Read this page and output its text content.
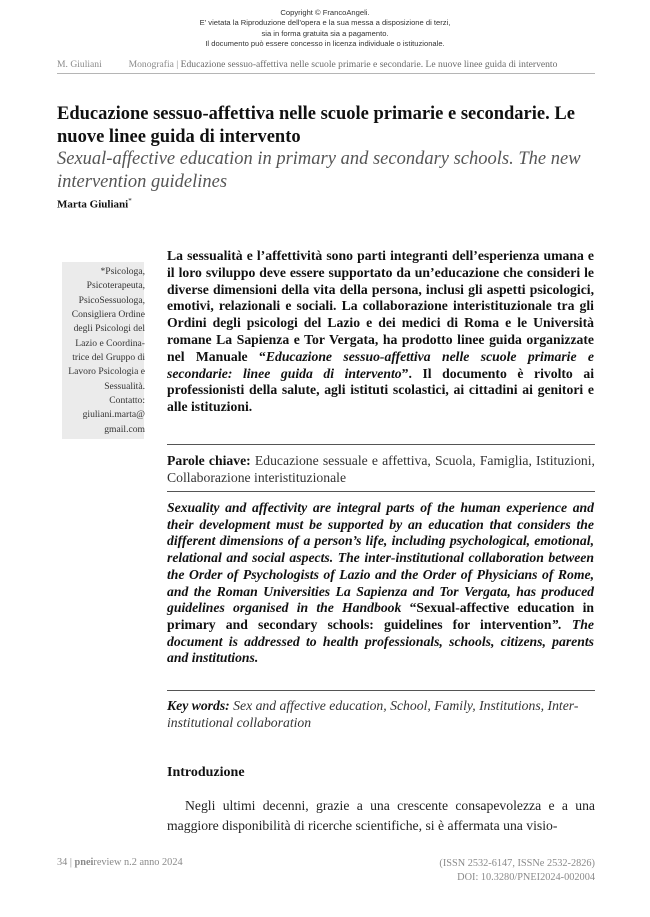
Copyright © FrancoAngeli.
E' vietata la Riproduzione dell'opera e la sua messa a disposizione di terzi,
sia in forma gratuita sia a pagamento.
Il documento può essere concesso in licenza individuale o istituzionale.
M. Giuliani	Monografia | Educazione sessuo-affettiva nelle scuole primarie e secondarie. Le nuove linee guida di intervento
Educazione sessuo-affettiva nelle scuole primarie e secondarie. Le nuove linee guida di intervento
Sexual-affective education in primary and secondary schools. The new intervention guidelines
Marta Giuliani*
*Psicologa,
Psicoterapeuta,
PsicoSessuologa,
Consigliera Ordine
degli Psicologi del
Lazio e Coordina-
trice del Gruppo di
Lavoro Psicologia e
Sessualità.
Contatto:
giuliani.marta@
gmail.com
La sessualità e l’affettività sono parti integranti dell’esperienza umana e il loro sviluppo deve essere supportato da un’educazione che consideri le diverse dimensioni della vita della persona, inclusi gli aspetti psicologici, emotivi, relazionali e sociali. La collaborazione interistituzionale tra gli Ordini degli psicologi del Lazio e dei medici di Roma e le Università romane La Sapienza e Tor Vergata, ha prodotto linee guida organizzate nel Manuale “Educazione sessuo-affettiva nelle scuole primarie e secondarie: linee guida di intervento”. Il documento è rivolto ai professionisti della salute, agli istituti scolastici, ai cittadini ai genitori e alle istituzioni.
Parole chiave: Educazione sessuale e affettiva, Scuola, Famiglia, Istituzioni, Collaborazione interistituzionale
Sexuality and affectivity are integral parts of the human experience and their development must be supported by an education that considers the different dimensions of a person’s life, including psychological, emotional, relational and social aspects. The inter-institutional collaboration between the Order of Psychologists of Lazio and the Order of Physicians of Rome, and the Roman Universities La Sapienza and Tor Vergata, has produced guidelines organised in the Handbook “Sexual-affective education in primary and secondary schools: guidelines for intervention”. The document is addressed to health professionals, schools, citizens, parents and institutions.
Key words: Sex and affective education, School, Family, Institutions, Inter-institutional collaboration
Introduzione
Negli ultimi decenni, grazie a una crescente consapevolezza e a una maggiore disponibilità di ricerche scientifiche, si è affermata una visio-
34 | pneireview n.2 anno 2024	(ISSN 2532-6147, ISSNe 2532-2826)
DOI: 10.3280/PNEI2024-002004
